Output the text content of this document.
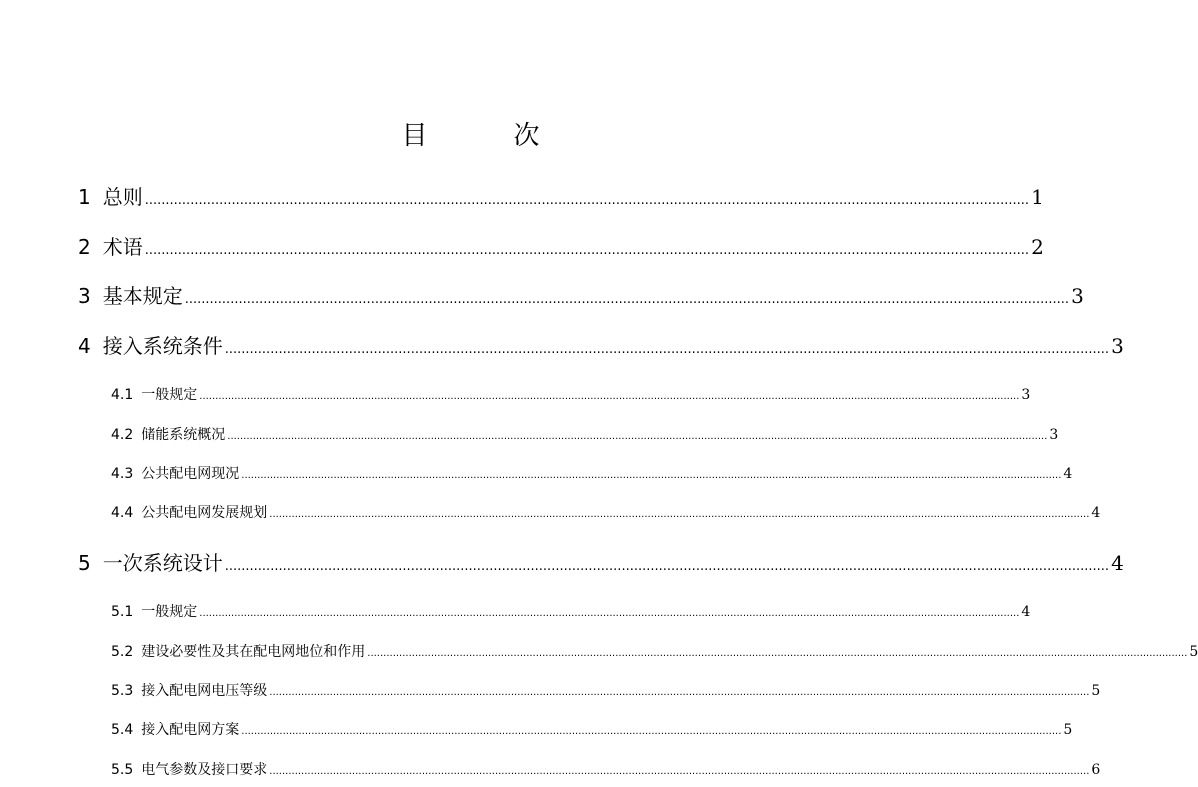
目　次
1 总则 ...................................................................................................................................................................................................................... 1
2 术语 ...................................................................................................................................................................................................................... 2
3 基本规定 ...................................................................................................................................................................................................................... 3
4 接入系统条件 ...................................................................................................................................................................................................................... 3
4.1 一般规定 .................................................................................................................................................................................................................................................................. 3
4.2 储能系统概况 .................................................................................................................................................................................................................................................................. 3
4.3 公共配电网现况 .................................................................................................................................................................................................................................................................. 4
4.4 公共配电网发展规划 .................................................................................................................................................................................................................................................................. 4
5 一次系统设计 ...................................................................................................................................................................................................................... 4
5.1 一般规定 .................................................................................................................................................................................................................................................................. 4
5.2 建设必要性及其在配电网地位和作用 .................................................................................................................................................................................................................................................................. 5
5.3 接入配电网电压等级 .................................................................................................................................................................................................................................................................. 5
5.4 接入配电网方案 .................................................................................................................................................................................................................................................................. 5
5.5 电气参数及接口要求 .................................................................................................................................................................................................................................................................. 6
